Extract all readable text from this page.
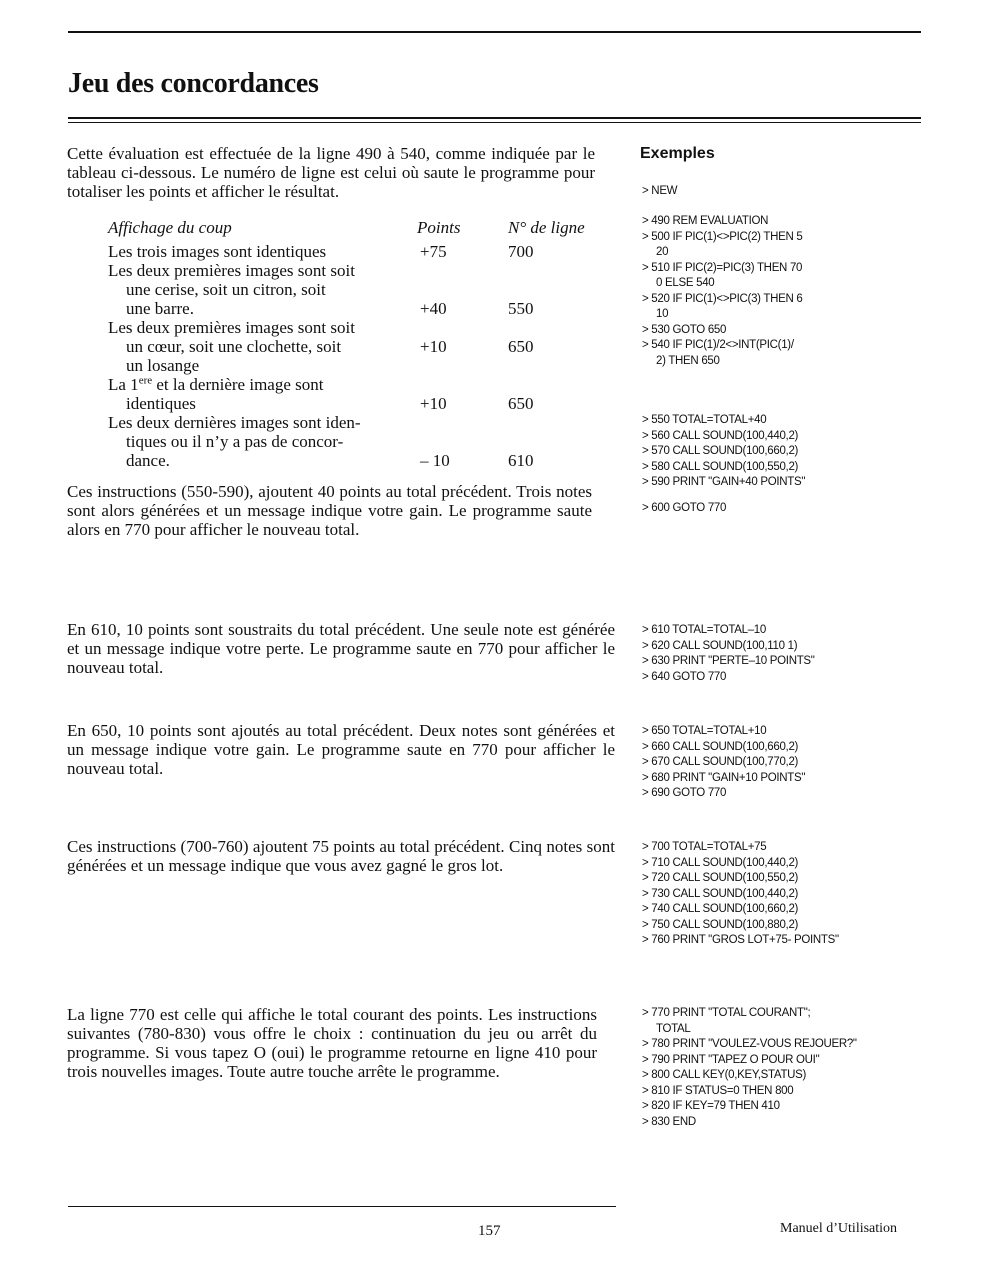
Jeu des concordances

Cette évaluation est effectuée de la ligne 490 à 540, comme indiquée par le tableau ci-dessous. Le numéro de ligne est celui où saute le programme pour totaliser les points et afficher le résultat.

Affichage du coup	Points	N° de ligne
Les trois images sont identiques	+75	700
Les deux premières images sont soit
une cerise, soit un citron, soit
une barre.	+40	550
Les deux premières images sont soit
un cœur, soit une clochette, soit
un losange
+10	650
La 1ere et la dernière image sont
identiques	+10	650
Les deux dernières images sont iden-
tiques ou il n’y a pas de concor-
dance.	– 10	610

Ces instructions (550-590), ajoutent 40 points au total précédent. Trois notes sont alors générées et un message indique votre gain. Le programme saute alors en 770 pour afficher le nouveau total.

En 610, 10 points sont soustraits du total précédent. Une seule note est générée et un message indique votre perte. Le programme saute en 770 pour afficher le nouveau total.

En 650, 10 points sont ajoutés au total précédent. Deux notes sont générées et un message indique votre gain. Le programme saute en 770 pour afficher le nouveau total.

Ces instructions (700-760) ajoutent 75 points au total précédent. Cinq notes sont générées et un message indique que vous avez gagné le gros lot.

La ligne 770 est celle qui affiche le total courant des points. Les instructions suivantes (780-830) vous offre le choix : continuation du jeu ou arrêt du programme. Si vous tapez O (oui) le programme retourne en ligne 410 pour trois nouvelles images. Toute autre touche arrête le programme.

Exemples
> NEW
> 490 REM EVALUATION
> 500 IF PIC(1)<>PIC(2) THEN 5
20
> 510 IF PIC(2)=PIC(3) THEN 70
0 ELSE 540
> 520 IF PIC(1)<>PIC(3) THEN 6
10
> 530 GOTO 650
> 540 IF PIC(1)/2<>INT(PIC(1)/
2) THEN 650
> 550 TOTAL=TOTAL+40
> 560 CALL SOUND(100,440,2)
> 570 CALL SOUND(100,660,2)
> 580 CALL SOUND(100,550,2)
> 590 PRINT "GAIN+40 POINTS"
> 600 GOTO 770
> 610 TOTAL=TOTAL–10
> 620 CALL SOUND(100,110 1)
> 630 PRINT "PERTE–10 POINTS"
> 640 GOTO 770
> 650 TOTAL=TOTAL+10
> 660 CALL SOUND(100,660,2)
> 670 CALL SOUND(100,770,2)
> 680 PRINT "GAIN+10 POINTS"
> 690 GOTO 770
> 700 TOTAL=TOTAL+75
> 710 CALL SOUND(100,440,2)
> 720 CALL SOUND(100,550,2)
> 730 CALL SOUND(100,440,2)
> 740 CALL SOUND(100,660,2)
> 750 CALL SOUND(100,880,2)
> 760 PRINT "GROS LOT+75- POINTS"
> 770 PRINT "TOTAL COURANT";
TOTAL
> 780 PRINT "VOULEZ-VOUS REJOUER?"
> 790 PRINT "TAPEZ O POUR OUI"
> 800 CALL KEY(0,KEY,STATUS)
> 810 IF STATUS=0 THEN 800
> 820 IF KEY=79 THEN 410
> 830 END
157	Manuel d’Utilisation
